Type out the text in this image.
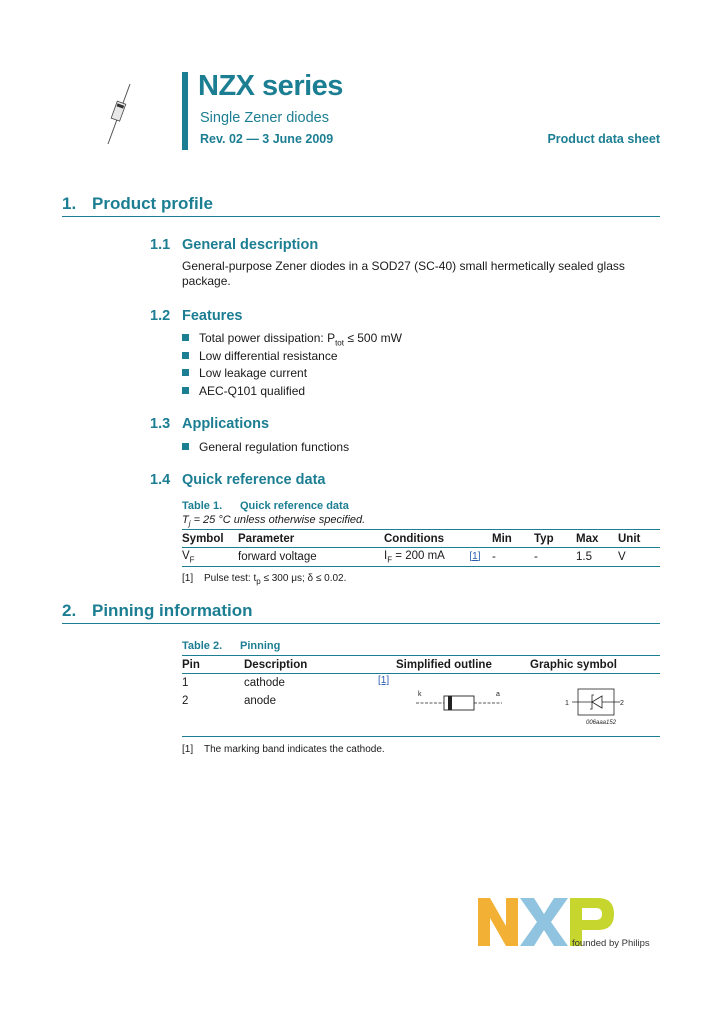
NZX series
Single Zener diodes
Rev. 02 — 3 June 2009	Product data sheet
1. Product profile
1.1 General description
General-purpose Zener diodes in a SOD27 (SC-40) small hermetically sealed glass
package.
1.2 Features
Total power dissipation: $P_{tot} \le 500$ mW
Low differential resistance
Low leakage current
AEC-Q101 qualified
1.3 Applications
General regulation functions
1.4 Quick reference data
Table 1. Quick reference data
$T_j = 25$ °C unless otherwise specified.
Symbol	Parameter	Conditions	Min	Typ	Max	Unit
$V_F$	forward voltage	$I_F = 200$ mA [1]	-	-	1.5	V
[1] Pulse test: $t_p \le 300$ μs; δ ≤ 0.02.
2. Pinning information
Table 2. Pinning
Pin	Description	Simplified outline	Graphic symbol
1	cathode		
2	anode		
[1]
k	a
1	2
006aaa152
[1] The marking band indicates the cathode.
founded by Philips
